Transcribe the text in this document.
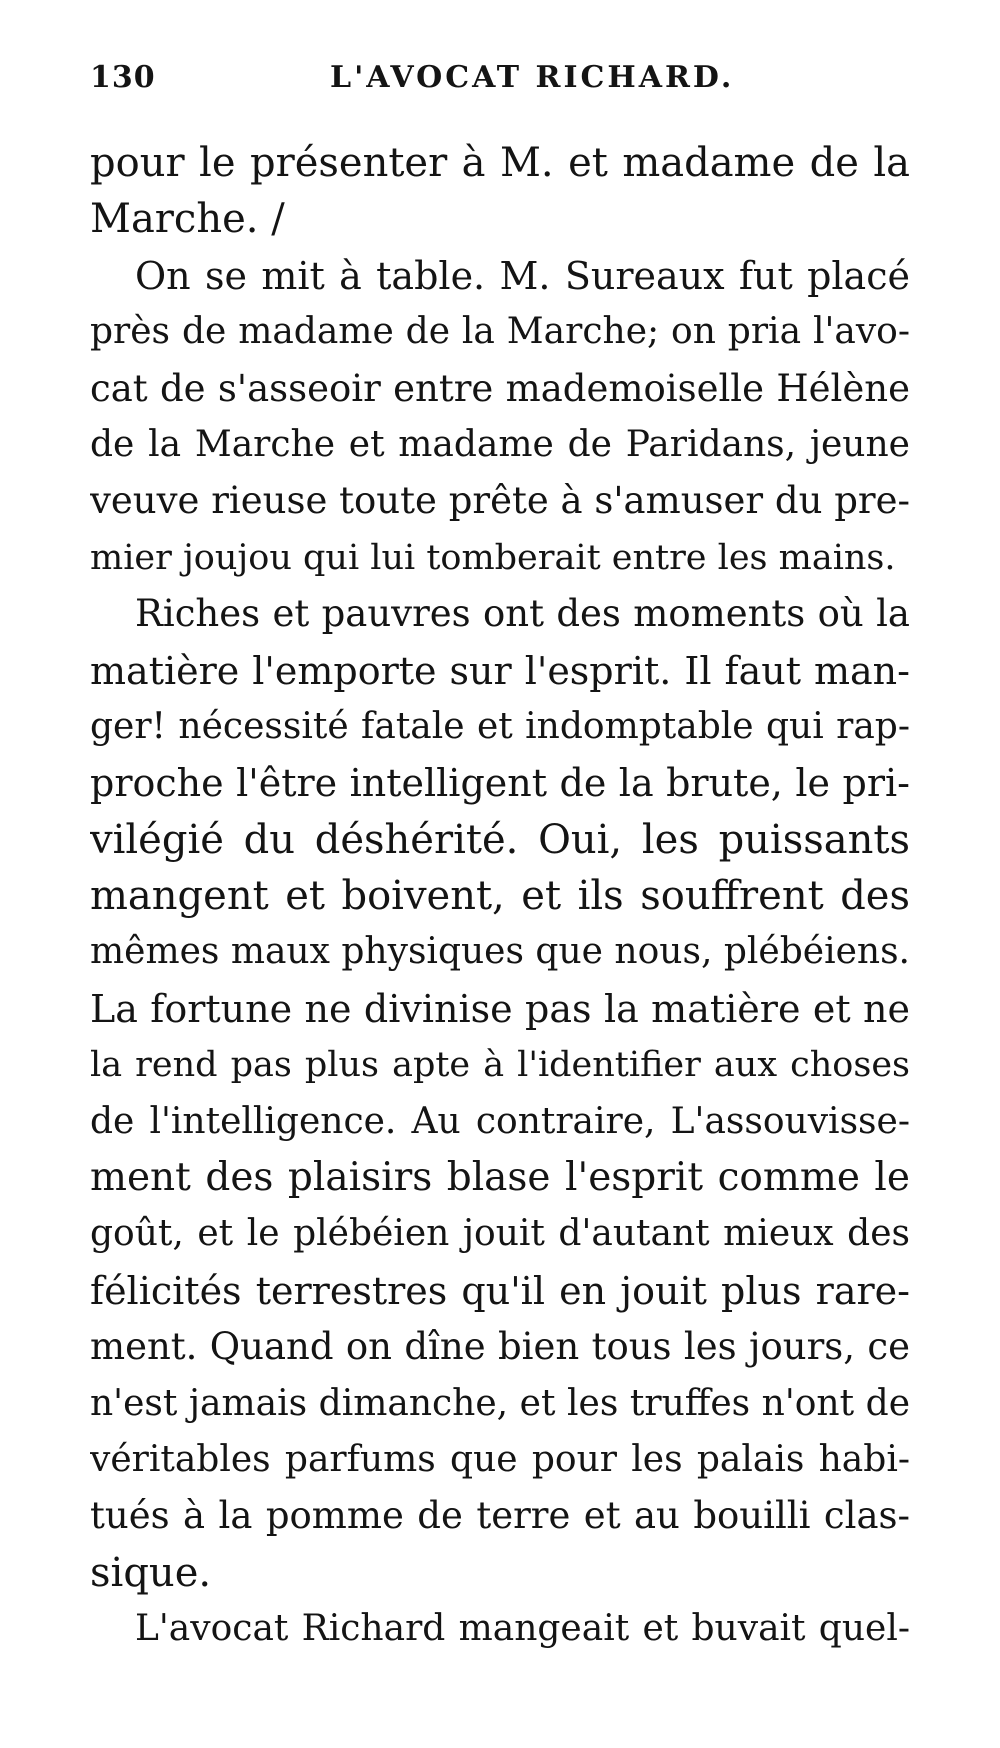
130	L'AVOCAT RICHARD.
pour le présenter à M. et madame de la
Marche. /
On se mit à table. M. Sureaux fut placé
près de madame de la Marche; on pria l'avo-
cat de s'asseoir entre mademoiselle Hélène
de la Marche et madame de Paridans, jeune
veuve rieuse toute prête à s'amuser du pre-
mier joujou qui lui tomberait entre les mains.
Riches et pauvres ont des moments où la
matière l'emporte sur l'esprit. Il faut man-
ger! nécessité fatale et indomptable qui rap-
proche l'être intelligent de la brute, le pri-
vilégié du déshérité. Oui, les puissants
mangent et boivent, et ils souffrent des
mêmes maux physiques que nous, plébéiens.
La fortune ne divinise pas la matière et ne
la rend pas plus apte à l'identifier aux choses
de l'intelligence. Au contraire, L'assouvisse-
ment des plaisirs blase l'esprit comme le
goût, et le plébéien jouit d'autant mieux des
félicités terrestres qu'il en jouit plus rare-
ment. Quand on dîne bien tous les jours, ce
n'est jamais dimanche, et les truffes n'ont de
véritables parfums que pour les palais habi-
tués à la pomme de terre et au bouilli clas-
sique.
L'avocat Richard mangeait et buvait quel-
